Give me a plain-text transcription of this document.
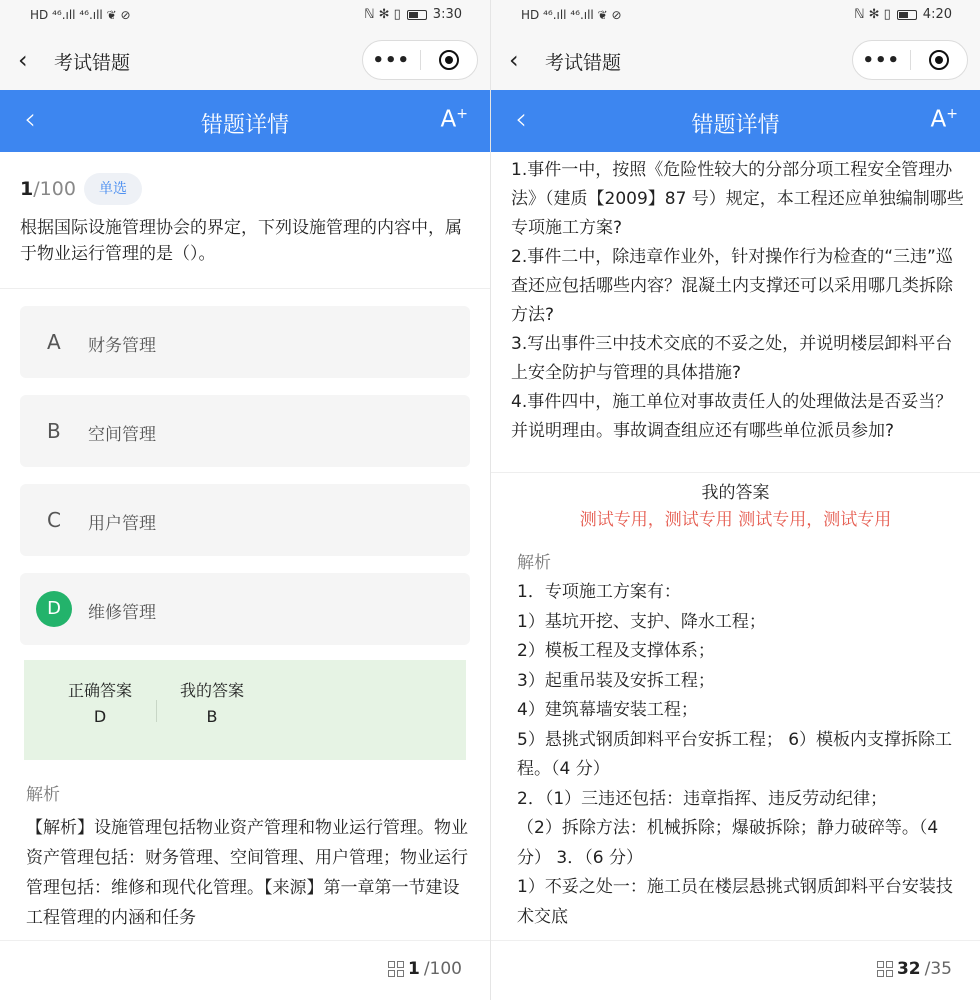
HD ⁴⁶.ıll ⁴⁶.ıll ❦ ⊘	ℕ ✻ ▯ 3:30
‹ 考试错题	•••
‹	错题详情	A+
1/100	单选
根据国际设施管理协会的界定，下列设施管理的内容中，属于物业运行管理的是（）。
A 财务管理
B 空间管理
C 用户管理
D
✔	维修管理
正确答案
D
我的答案
B
解析
【解析】设施管理包括物业资产管理和物业运行管理。物业资产管理包括：财务管理、空间管理、用户管理；物业运行管理包括：维修和现代化管理。【来源】第一章第一节建设工程管理的内涵和任务
1 /100
HD ⁴⁶.ıll ⁴⁶.ıll ❦ ⊘	ℕ ✻ ▯ 4:20
‹ 考试错题	•••
‹	错题详情	A+
1.事件一中，按照《危险性较大的分部分项工程安全管理办法》（建质【2009】87 号）规定，本工程还应单独编制哪些专项施工方案?
2.事件二中，除违章作业外，针对操作行为检查的“三违”巡查还应包括哪些内容？混凝土内支撑还可以采用哪几类拆除方法?
3.写出事件三中技术交底的不妥之处，并说明楼层卸料平台上安全防护与管理的具体措施?
4.事件四中，施工单位对事故责任人的处理做法是否妥当？并说明理由。事故调查组应还有哪些单位派员参加?
我的答案
测试专用，测试专用 测试专用，测试专用
解析
1．专项施工方案有：
1）基坑开挖、支护、降水工程；
2）模板工程及支撑体系；
3）起重吊装及安拆工程；
4）建筑幕墙安装工程；
5）悬挑式钢质卸料平台安拆工程； 6）模板内支撑拆除工程。（4 分）
2．（1）三违还包括：违章指挥、违反劳动纪律；
（2）拆除方法：机械拆除；爆破拆除；静力破碎等。（4 分） 3．（6 分）
1）不妥之处一：施工员在楼层悬挑式钢质卸料平台安装技术交底
32 /35
